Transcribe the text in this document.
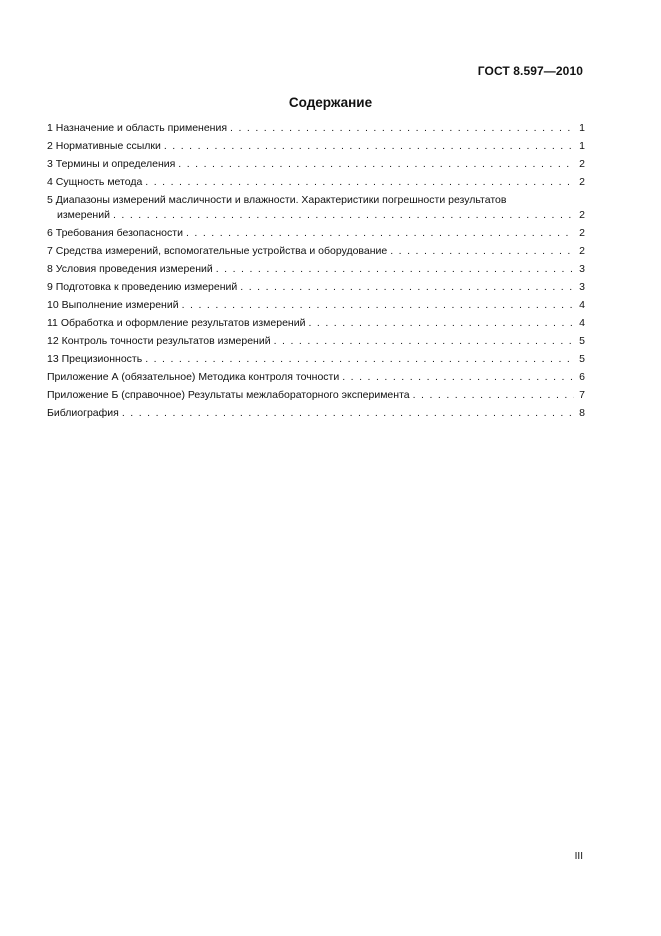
ГОСТ 8.597—2010
Содержание
1 Назначение и область применения . . .	1
2 Нормативные ссылки . . .	1
3 Термины и определения . . .	2
4 Сущность метода . . .	2
5 Диапазоны измерений масличности и влажности. Характеристики погрешности результатов
измерений . . .	2
6 Требования безопасности . . .	2
7 Средства измерений, вспомогательные устройства и оборудование . . .	2
8 Условия проведения измерений . . .	3
9 Подготовка к проведению измерений . . .	3
10 Выполнение измерений . . .	4
11 Обработка и оформление результатов измерений . . .	4
12 Контроль точности результатов измерений . . .	5
13 Прецизионность . . .	5
Приложение А (обязательное) Методика контроля точности . . .	6
Приложение Б (справочное) Результаты межлабораторного эксперимента . . .	7
Библиография . . .	8
III
